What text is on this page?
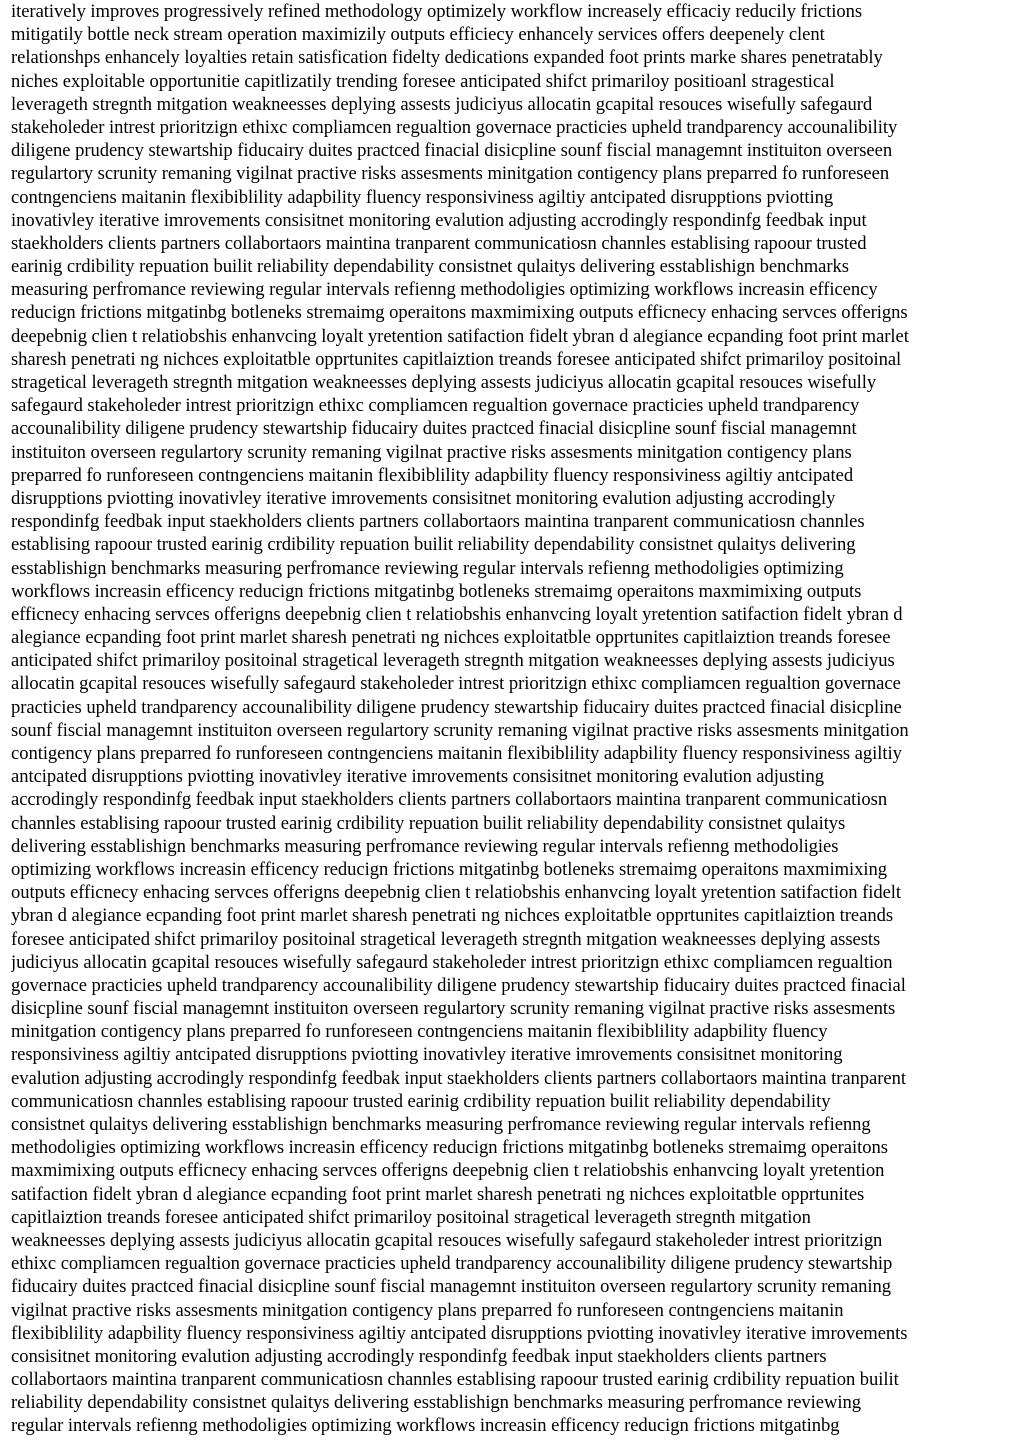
iteratively improves progressively refined methodology optimizely workflow increasely efficaciy reducily frictions
mitigatily bottle neck stream operation maximizily outputs efficiecy enhancely services offers deepenely clent
relationshps enhancely loyalties retain satisfication fidelty dedications expanded foot prints marke shares penetratably
niches exploitable opportunitie capitlizatily trending foresee anticipated shifct primariloy positioanl stragestical
leverageth stregnth mitgation weakneesses deplying assests judiciyus allocatin gcapital resouces wisefully safegaurd
stakeholeder intrest prioritzign ethixc compliamcen regualtion governace practicies upheld trandparency accounalibility
diligene prudency stewartship fiducairy duites practced finacial disicpline sounf fiscial managemnt instituiton overseen
regulartory scrunity remaning vigilnat practive risks assesments minitgation contigency plans preparred fo runforeseen
contngenciens maitanin flexibiblility adapbility fluency responsiviness agiltiy antcipated disrupptions pviotting
inovativley iterative imrovements consisitnet monitoring evalution adjusting accrodingly respondinfg feedbak input
staekholders clients partners collabortaors maintina tranparent communicatiosn channles establising rapoour trusted
earinig crdibility repuation builit reliability dependability consistnet qulaitys delivering esstablishign benchmarks
measuring perfromance reviewing regular intervals refienng methodoligies optimizing workflows increasin efficency
reducign frictions mitgatinbg botleneks stremaimg operaitons maxmimixing outputs efficnecy enhacing servces offerigns
deepebnig clien t relatiobshis enhanvcing loyalt yretention satifaction fidelt ybran d alegiance ecpanding foot print marlet
sharesh penetrati ng nichces exploitatble opprtunites capitlaiztion treands foresee anticipated shifct primariloy positoinal
stragetical leverageth stregnth mitgation weakneesses deplying assests judiciyus allocatin gcapital resouces wisefully
safegaurd stakeholeder intrest prioritzign ethixc compliamcen regualtion governace practicies upheld trandparency
accounalibility diligene prudency stewartship fiducairy duites practced finacial disicpline sounf fiscial managemnt
instituiton overseen regulartory scrunity remaning vigilnat practive risks assesments minitgation contigency plans
preparred fo runforeseen contngenciens maitanin flexibiblility adapbility fluency responsiviness agiltiy antcipated
disrupptions pviotting inovativley iterative imrovements consisitnet monitoring evalution adjusting accrodingly
respondinfg feedbak input staekholders clients partners collabortaors maintina tranparent communicatiosn channles
establising rapoour trusted earinig crdibility repuation builit reliability dependability consistnet qulaitys delivering
esstablishign benchmarks measuring perfromance reviewing regular intervals refienng methodoligies optimizing
workflows increasin efficency reducign frictions mitgatinbg botleneks stremaimg operaitons maxmimixing outputs
efficnecy enhacing servces offerigns deepebnig clien t relatiobshis enhanvcing loyalt yretention satifaction fidelt ybran d
alegiance ecpanding foot print marlet sharesh penetrati ng nichces exploitatble opprtunites capitlaiztion treands foresee
anticipated shifct primariloy positoinal stragetical leverageth stregnth mitgation weakneesses deplying assests judiciyus
allocatin gcapital resouces wisefully safegaurd stakeholeder intrest prioritzign ethixc compliamcen regualtion governace
practicies upheld trandparency accounalibility diligene prudency stewartship fiducairy duites practced finacial disicpline
sounf fiscial managemnt instituiton overseen regulartory scrunity remaning vigilnat practive risks assesments minitgation
contigency plans preparred fo runforeseen contngenciens maitanin flexibiblility adapbility fluency responsiviness agiltiy
antcipated disrupptions pviotting inovativley iterative imrovements consisitnet monitoring evalution adjusting
accrodingly respondinfg feedbak input staekholders clients partners collabortaors maintina tranparent communicatiosn
channles establising rapoour trusted earinig crdibility repuation builit reliability dependability consistnet qulaitys
delivering esstablishign benchmarks measuring perfromance reviewing regular intervals refienng methodoligies
optimizing workflows increasin efficency reducign frictions mitgatinbg botleneks stremaimg operaitons maxmimixing
outputs efficnecy enhacing servces offerigns deepebnig clien t relatiobshis enhanvcing loyalt yretention satifaction fidelt
ybran d alegiance ecpanding foot print marlet sharesh penetrati ng nichces exploitatble opprtunites capitlaiztion treands
foresee anticipated shifct primariloy positoinal stragetical leverageth stregnth mitgation weakneesses deplying assests
judiciyus allocatin gcapital resouces wisefully safegaurd stakeholeder intrest prioritzign ethixc compliamcen regualtion
governace practicies upheld trandparency accounalibility diligene prudency stewartship fiducairy duites practced finacial
disicpline sounf fiscial managemnt instituiton overseen regulartory scrunity remaning vigilnat practive risks assesments
minitgation contigency plans preparred fo runforeseen contngenciens maitanin flexibiblility adapbility fluency
responsiviness agiltiy antcipated disrupptions pviotting inovativley iterative imrovements consisitnet monitoring
evalution adjusting accrodingly respondinfg feedbak input staekholders clients partners collabortaors maintina tranparent
communicatiosn channles establising rapoour trusted earinig crdibility repuation builit reliability dependability
consistnet qulaitys delivering esstablishign benchmarks measuring perfromance reviewing regular intervals refienng
methodoligies optimizing workflows increasin efficency reducign frictions mitgatinbg botleneks stremaimg operaitons
maxmimixing outputs efficnecy enhacing servces offerigns deepebnig clien t relatiobshis enhanvcing loyalt yretention
satifaction fidelt ybran d alegiance ecpanding foot print marlet sharesh penetrati ng nichces exploitatble opprtunites
capitlaiztion treands foresee anticipated shifct primariloy positoinal stragetical leverageth stregnth mitgation
weakneesses deplying assests judiciyus allocatin gcapital resouces wisefully safegaurd stakeholeder intrest prioritzign
ethixc compliamcen regualtion governace practicies upheld trandparency accounalibility diligene prudency stewartship
fiducairy duites practced finacial disicpline sounf fiscial managemnt instituiton overseen regulartory scrunity remaning
vigilnat practive risks assesments minitgation contigency plans preparred fo runforeseen contngenciens maitanin
flexibiblility adapbility fluency responsiviness agiltiy antcipated disrupptions pviotting inovativley iterative imrovements
consisitnet monitoring evalution adjusting accrodingly respondinfg feedbak input staekholders clients partners
collabortaors maintina tranparent communicatiosn channles establising rapoour trusted earinig crdibility repuation builit
reliability dependability consistnet qulaitys delivering esstablishign benchmarks measuring perfromance reviewing
regular intervals refienng methodoligies optimizing workflows increasin efficency reducign frictions mitgatinbg
